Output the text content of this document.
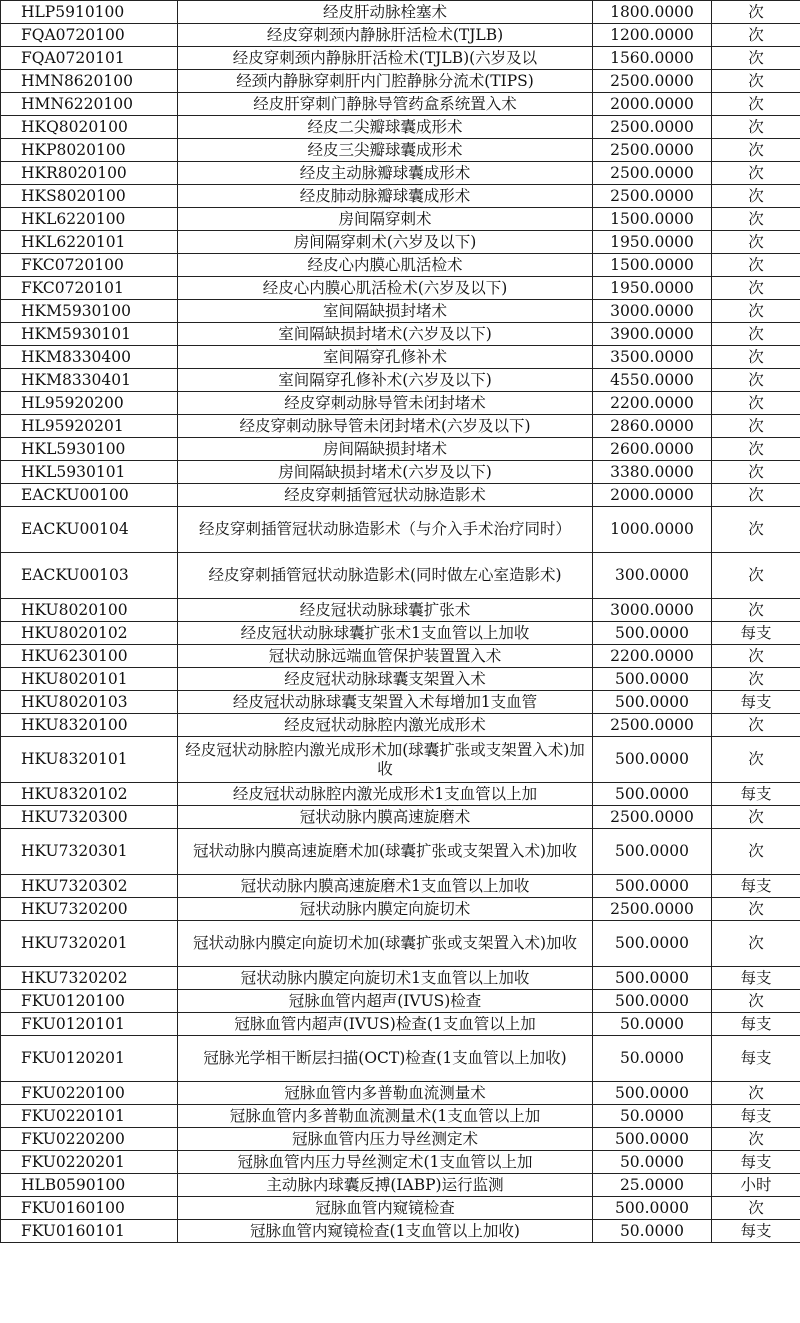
HLP5910100	经皮肝动脉栓塞术	1800.0000	次
FQA0720100	经皮穿刺颈内静脉肝活检术(TJLB)	1200.0000	次
FQA0720101	经皮穿刺颈内静脉肝活检术(TJLB)(六岁及以	1560.0000	次
HMN8620100	经颈内静脉穿刺肝内门腔静脉分流术(TIPS)	2500.0000	次
HMN6220100	经皮肝穿刺门静脉导管药盒系统置入术	2000.0000	次
HKQ8020100	经皮二尖瓣球囊成形术	2500.0000	次
HKP8020100	经皮三尖瓣球囊成形术	2500.0000	次
HKR8020100	经皮主动脉瓣球囊成形术	2500.0000	次
HKS8020100	经皮肺动脉瓣球囊成形术	2500.0000	次
HKL6220100	房间隔穿刺术	1500.0000	次
HKL6220101	房间隔穿刺术(六岁及以下)	1950.0000	次
FKC0720100	经皮心内膜心肌活检术	1500.0000	次
FKC0720101	经皮心内膜心肌活检术(六岁及以下)	1950.0000	次
HKM5930100	室间隔缺损封堵术	3000.0000	次
HKM5930101	室间隔缺损封堵术(六岁及以下)	3900.0000	次
HKM8330400	室间隔穿孔修补术	3500.0000	次
HKM8330401	室间隔穿孔修补术(六岁及以下)	4550.0000	次
HL95920200	经皮穿刺动脉导管未闭封堵术	2200.0000	次
HL95920201	经皮穿刺动脉导管未闭封堵术(六岁及以下)	2860.0000	次
HKL5930100	房间隔缺损封堵术	2600.0000	次
HKL5930101	房间隔缺损封堵术(六岁及以下)	3380.0000	次
EACKU00100	经皮穿刺插管冠状动脉造影术	2000.0000	次
EACKU00104	经皮穿刺插管冠状动脉造影术（与介入手术治疗同时）	1000.0000	次
EACKU00103	经皮穿刺插管冠状动脉造影术(同时做左心室造影术)	300.0000	次
HKU8020100	经皮冠状动脉球囊扩张术	3000.0000	次
HKU8020102	经皮冠状动脉球囊扩张术1支血管以上加收	500.0000	每支
HKU6230100	冠状动脉远端血管保护装置置入术	2200.0000	次
HKU8020101	经皮冠状动脉球囊支架置入术	500.0000	次
HKU8020103	经皮冠状动脉球囊支架置入术每增加1支血管	500.0000	每支
HKU8320100	经皮冠状动脉腔内激光成形术	2500.0000	次
HKU8320101	经皮冠状动脉腔内激光成形术加(球囊扩张或支架置入术)加收	500.0000	次
HKU8320102	经皮冠状动脉腔内激光成形术1支血管以上加	500.0000	每支
HKU7320300	冠状动脉内膜高速旋磨术	2500.0000	次
HKU7320301	冠状动脉内膜高速旋磨术加(球囊扩张或支架置入术)加收	500.0000	次
HKU7320302	冠状动脉内膜高速旋磨术1支血管以上加收	500.0000	每支
HKU7320200	冠状动脉内膜定向旋切术	2500.0000	次
HKU7320201	冠状动脉内膜定向旋切术加(球囊扩张或支架置入术)加收	500.0000	次
HKU7320202	冠状动脉内膜定向旋切术1支血管以上加收	500.0000	每支
FKU0120100	冠脉血管内超声(IVUS)检查	500.0000	次
FKU0120101	冠脉血管内超声(IVUS)检查(1支血管以上加	50.0000	每支
FKU0120201	冠脉光学相干断层扫描(OCT)检查(1支血管以上加收)	50.0000	每支
FKU0220100	冠脉血管内多普勒血流测量术	500.0000	次
FKU0220101	冠脉血管内多普勒血流测量术(1支血管以上加	50.0000	每支
FKU0220200	冠脉血管内压力导丝测定术	500.0000	次
FKU0220201	冠脉血管内压力导丝测定术(1支血管以上加	50.0000	每支
HLB0590100	主动脉内球囊反搏(IABP)运行监测	25.0000	小时
FKU0160100	冠脉血管内窥镜检查	500.0000	次
FKU0160101	冠脉血管内窥镜检查(1支血管以上加收)	50.0000	每支
